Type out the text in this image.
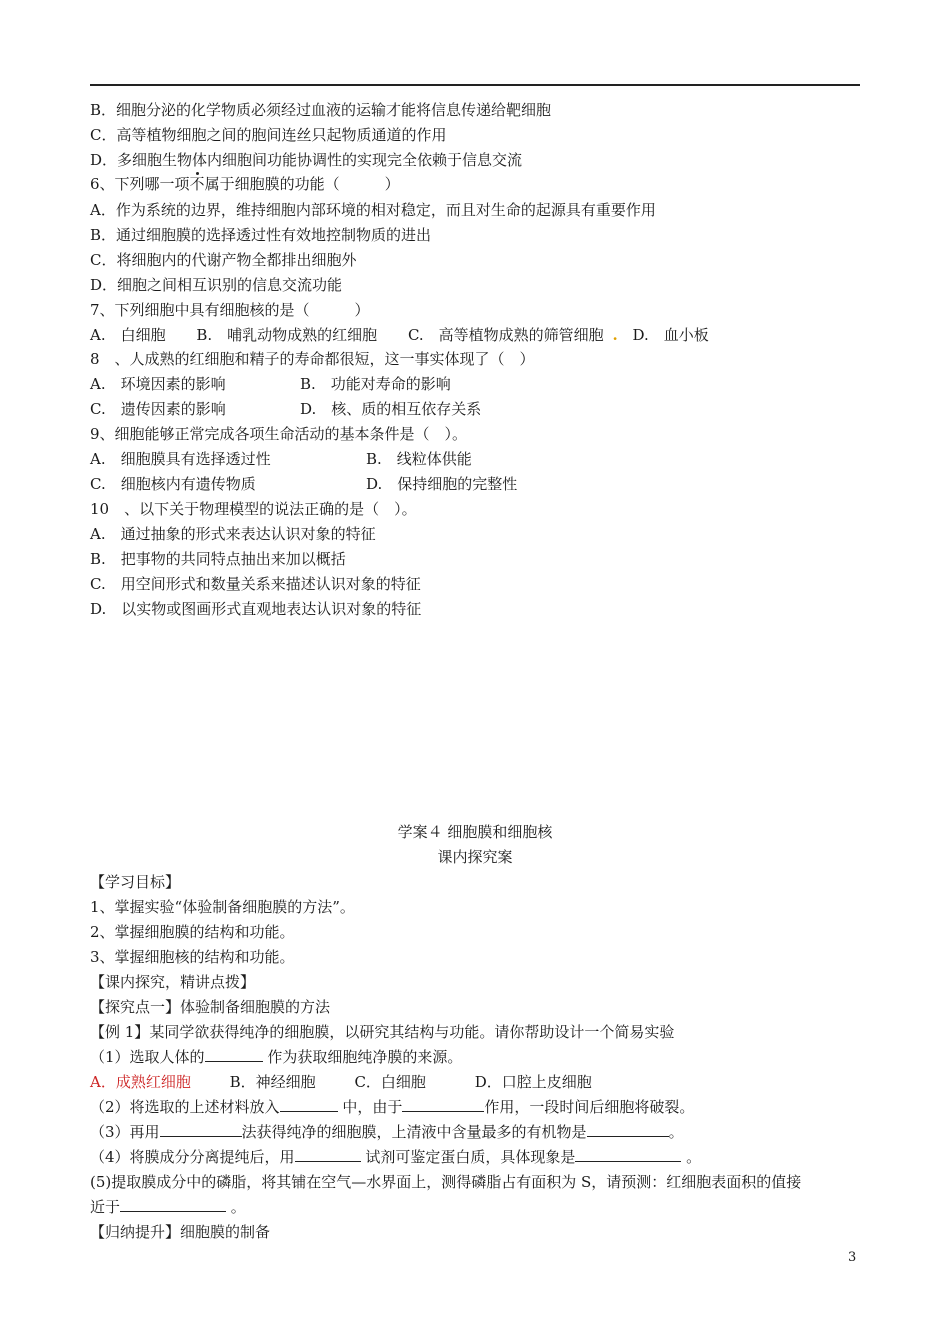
B．细胞分泌的化学物质必须经过血液的运输才能将信息传递给靶细胞
C．高等植物细胞之间的胞间连丝只起物质通道的作用
D．多细胞生物体内细胞间功能协调性的实现完全依赖于信息交流
6、下列哪一项不属于细胞膜的功能（　　　）
A．作为系统的边界，维持细胞内部环境的相对稳定，而且对生命的起源具有重要作用
B．通过细胞膜的选择透过性有效地控制物质的进出
C．将细胞内的代谢产物全都排出细胞外
D．细胞之间相互识别的信息交流功能
7、下列细胞中具有细胞核的是（　　　）
A.　白细胞 B.　哺乳动物成熟的红细胞 C.　高等植物成熟的筛管细胞 . D.　血小板
8　、人成熟的红细胞和精子的寿命都很短，这一事实体现了（　）
A.　环境因素的影响	B.　功能对寿命的影响
C.　遗传因素的影响	D.　核、质的相互依存关系
9、细胞能够正常完成各项生命活动的基本条件是（　）。
A.　细胞膜具有选择透过性	B.　线粒体供能
C.　细胞核内有遗传物质	D.　保持细胞的完整性
10　、以下关于物理模型的说法正确的是（　）。
A.　通过抽象的形式来表达认识对象的特征
B.　把事物的共同特点抽出来加以概括
C.　用空间形式和数量关系来描述认识对象的特征
D.　以实物或图画形式直观地表达认识对象的特征
学案４ 细胞膜和细胞核
课内探究案
【学习目标】
1、掌握实验“体验制备细胞膜的方法”。
2、掌握细胞膜的结构和功能。
3、掌握细胞核的结构和功能。
【课内探究，精讲点拨】
【探究点一】体验制备细胞膜的方法
【例 1】某同学欲获得纯净的细胞膜，以研究其结构与功能。请你帮助设计一个简易实验
（1）选取人体的	作为获取细胞纯净膜的来源。
A．成熟红细胞	B．神经细胞	C．白细胞	D．口腔上皮细胞
（2）将选取的上述材料放入	中，由于	作用，一段时间后细胞将破裂。
（3）再用	法获得纯净的细胞膜，上清液中含量最多的有机物是	。
（4）将膜成分分离提纯后，用	试剂可鉴定蛋白质，具体现象是	。
(5)提取膜成分中的磷脂，将其铺在空气—水界面上，测得磷脂占有面积为 S，请预测：红细胞表面积的值接
近于	。
【归纳提升】细胞膜的制备
3
